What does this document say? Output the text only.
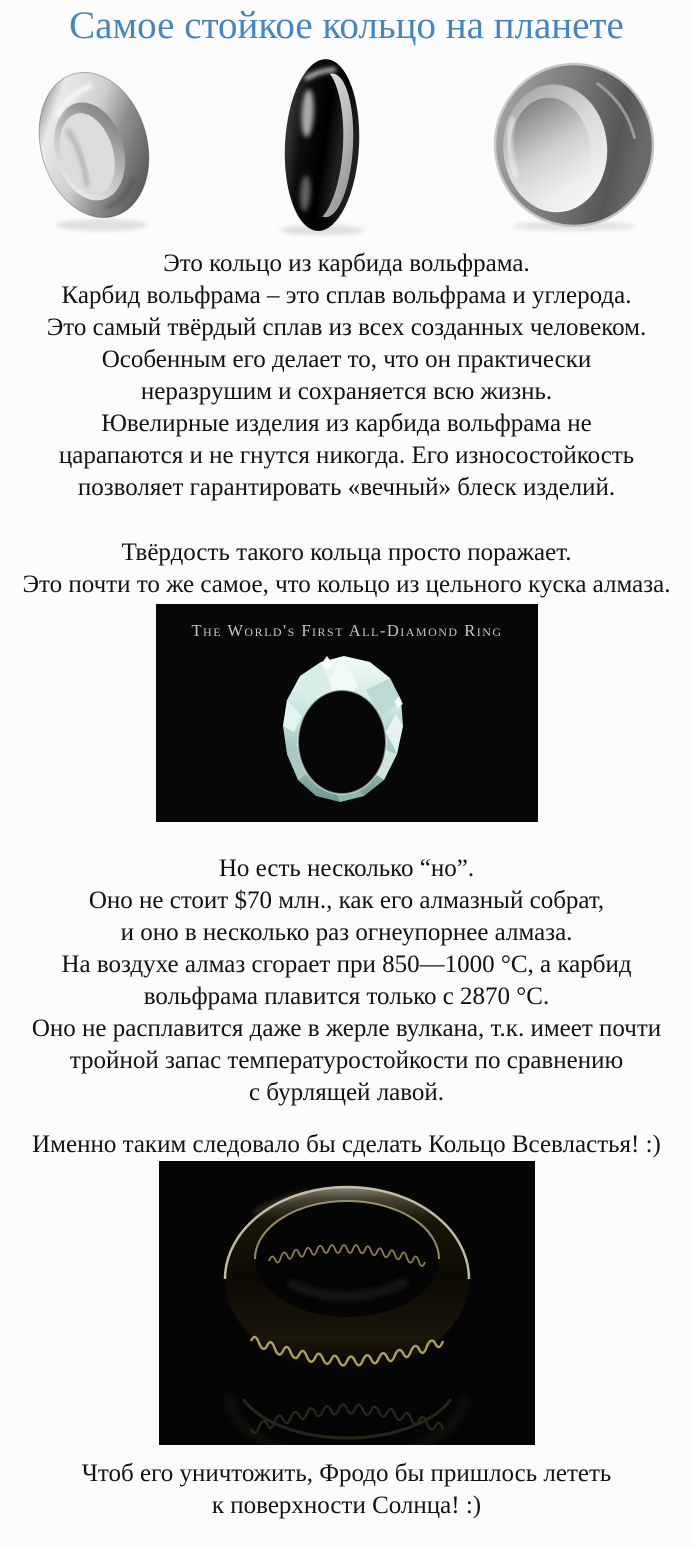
Самое стойкое кольцо на планете
Это кольцо из карбида вольфрама.
Карбид вольфрама – это сплав вольфрама и углерода.
Это самый твёрдый сплав из всех созданных человеком.
Особенным его делает то, что он практически
неразрушим и сохраняется всю жизнь.
Ювелирные изделия из карбида вольфрама не
царапаются и не гнутся никогда. Его износостойкость
позволяет гарантировать «вечный» блеск изделий.
Твёрдость такого кольца просто поражает.
Это почти то же самое, что кольцо из цельного куска алмаза.
The World's First All-Diamond Ring
Но есть несколько “но”.
Оно не стоит $70 млн., как его алмазный собрат,
и оно в несколько раз огнеупорнее алмаза.
На воздухе алмаз сгорает при 850—1000 °C, а карбид
вольфрама плавится только с 2870 °C.
Оно не расплавится даже в жерле вулкана, т.к. имеет почти
тройной запас температуростойкости по сравнению
с бурлящей лавой.
Именно таким следовало бы сделать Кольцо Всевластья! :)
Чтоб его уничтожить, Фродо бы пришлось лететь
к поверхности Солнца! :)
